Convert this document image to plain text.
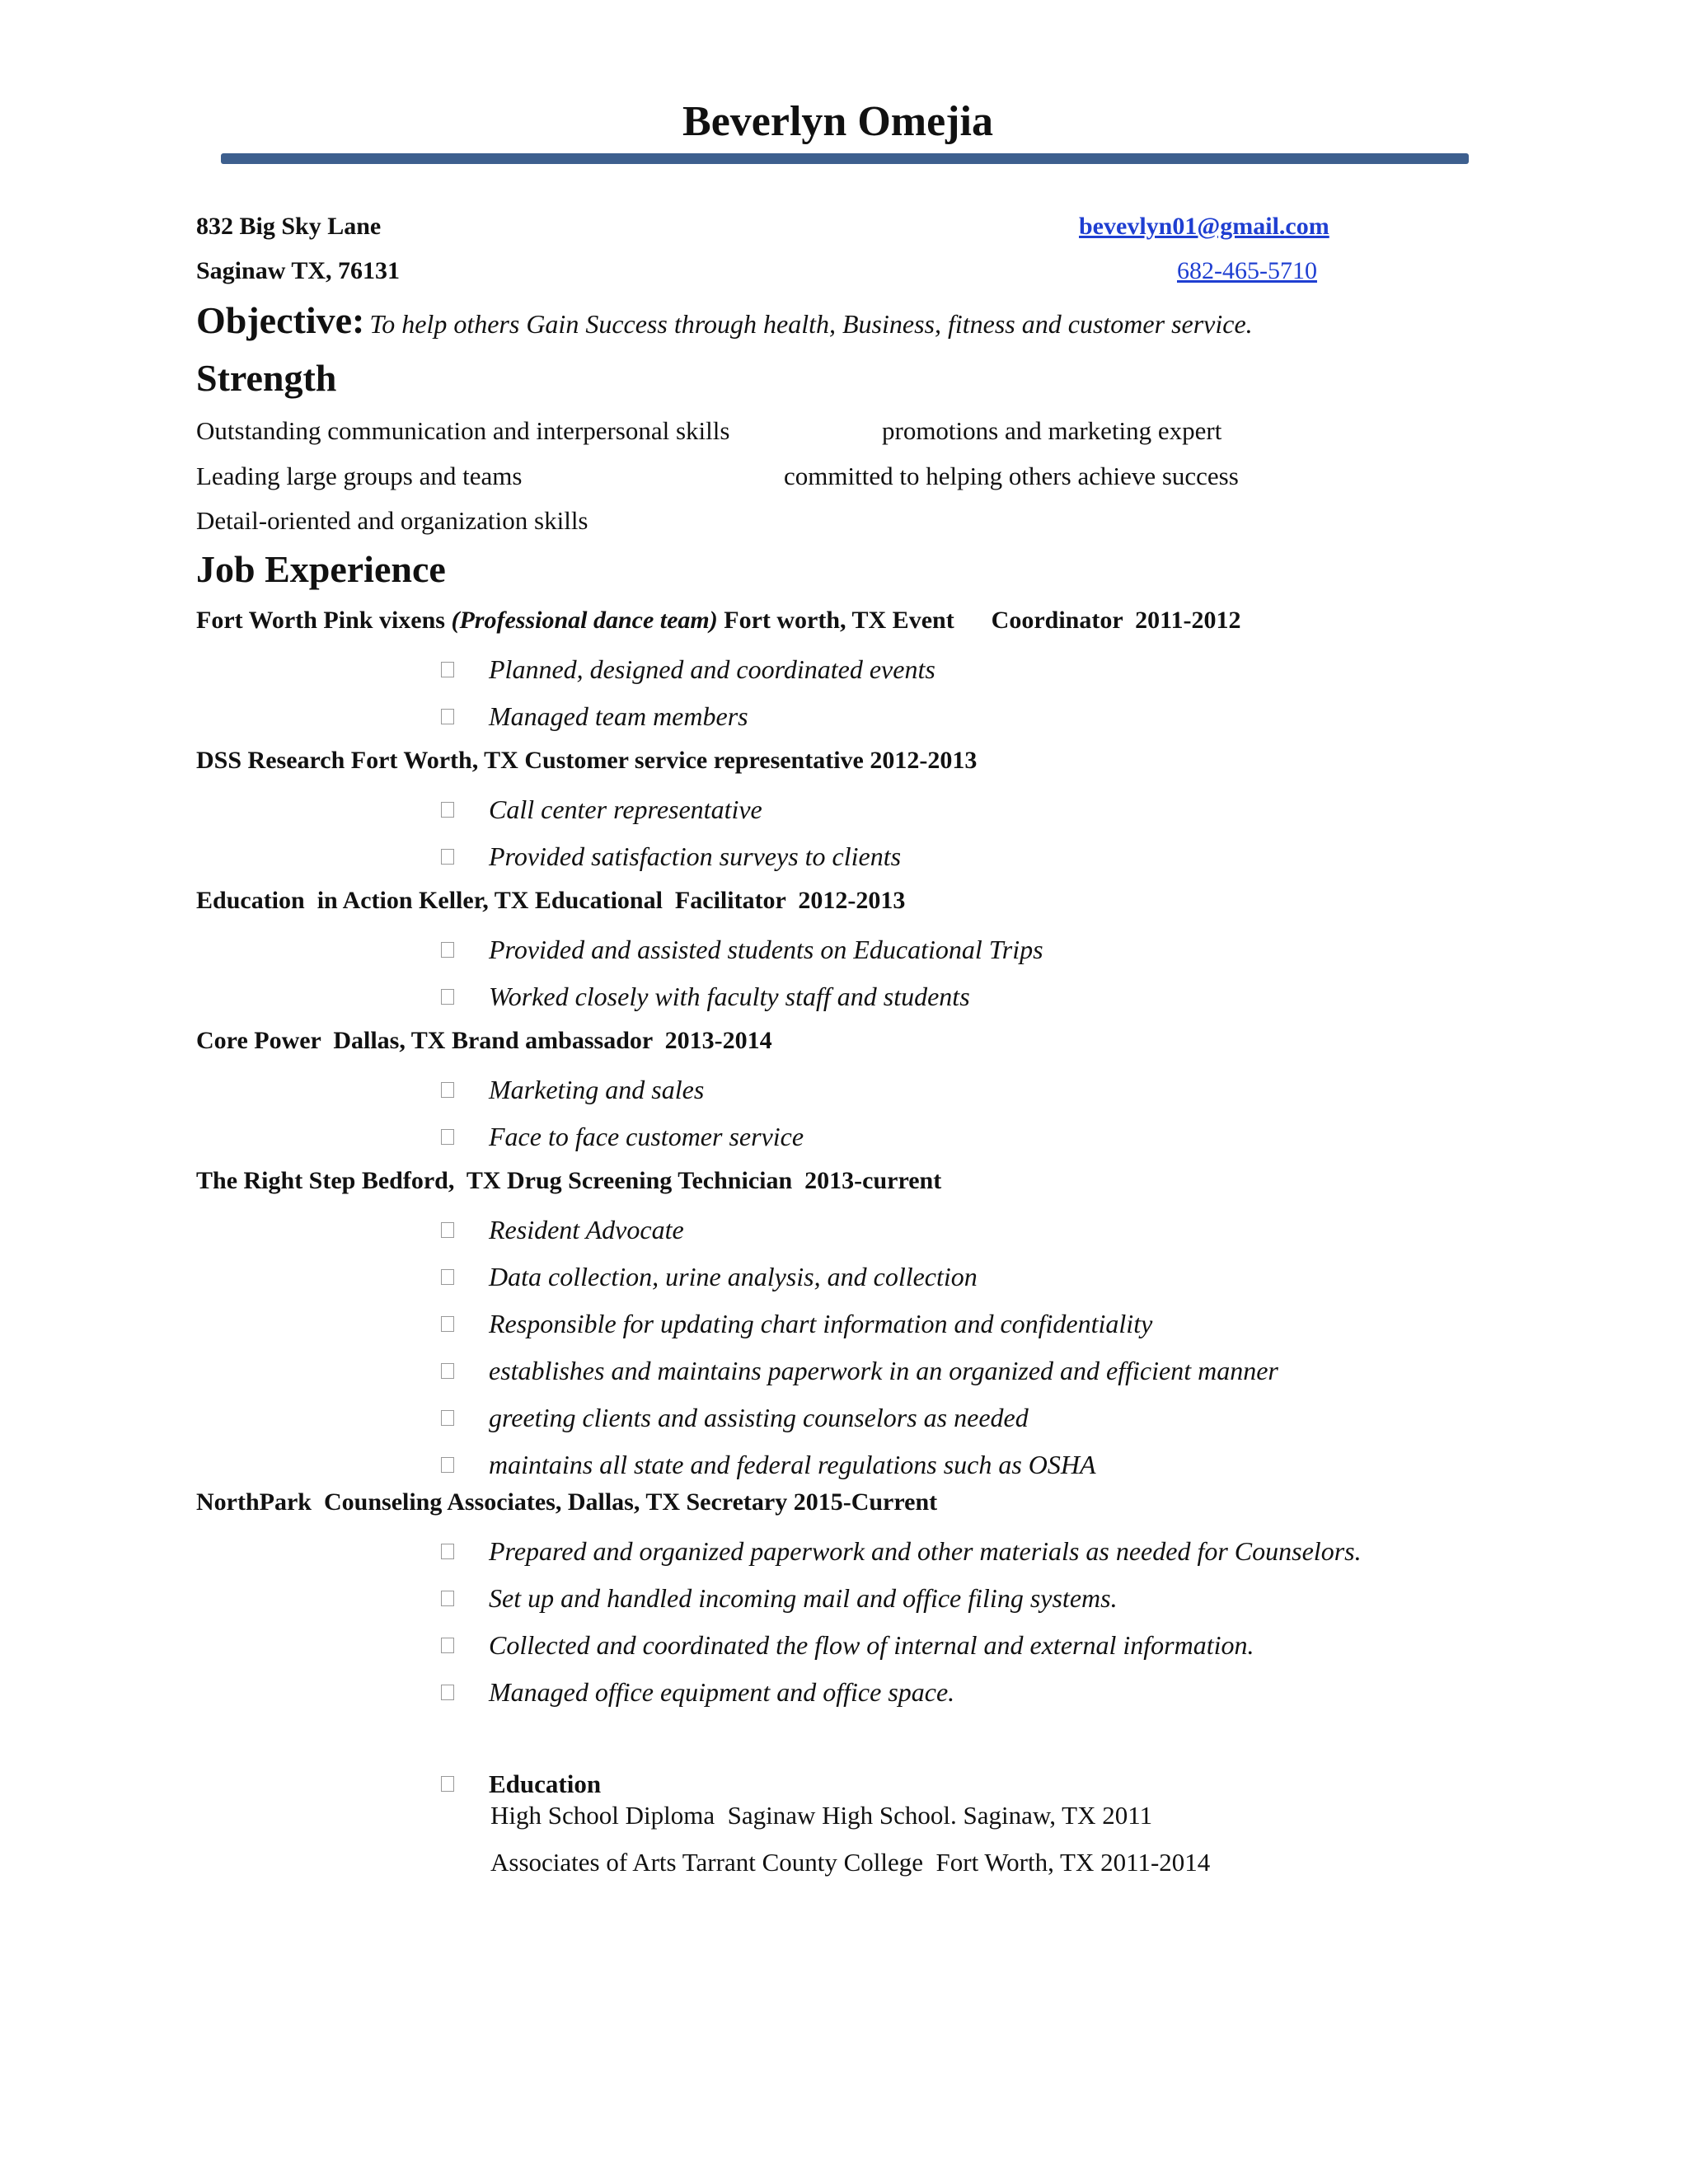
Beverlyn Omejia
832 Big Sky Lane
Saginaw TX, 76131
bevevlyn01@gmail.com
682-465-5710
Objective: To help others Gain Success through health, Business, fitness and customer service.
Strength
Outstanding communication and interpersonal skills	promotions and marketing expert
Leading large groups and teams	committed to helping others achieve success
Detail-oriented and organization skills
Job Experience
Fort Worth Pink vixens (Professional dance team) Fort worth, TX Event      Coordinator  2011-2012
Planned, designed and coordinated events
Managed team members
DSS Research Fort Worth, TX Customer service representative 2012-2013
Call center representative
Provided satisfaction surveys to clients
Education  in Action Keller, TX Educational  Facilitator  2012-2013
Provided and assisted students on Educational Trips
Worked closely with faculty staff and students
Core Power  Dallas, TX Brand ambassador  2013-2014
Marketing and sales
Face to face customer service
The Right Step Bedford,  TX Drug Screening Technician  2013-current
Resident Advocate
Data collection, urine analysis, and collection
Responsible for updating chart information and confidentiality
establishes and maintains paperwork in an organized and efficient manner
greeting clients and assisting counselors as needed
maintains all state and federal regulations such as OSHA
NorthPark  Counseling Associates, Dallas, TX Secretary 2015-Current
Prepared and organized paperwork and other materials as needed for Counselors.
Set up and handled incoming mail and office filing systems.
Collected and coordinated the flow of internal and external information.
Managed office equipment and office space.
Education
High School Diploma  Saginaw High School. Saginaw, TX 2011
Associates of Arts Tarrant County College  Fort Worth, TX 2011-2014
